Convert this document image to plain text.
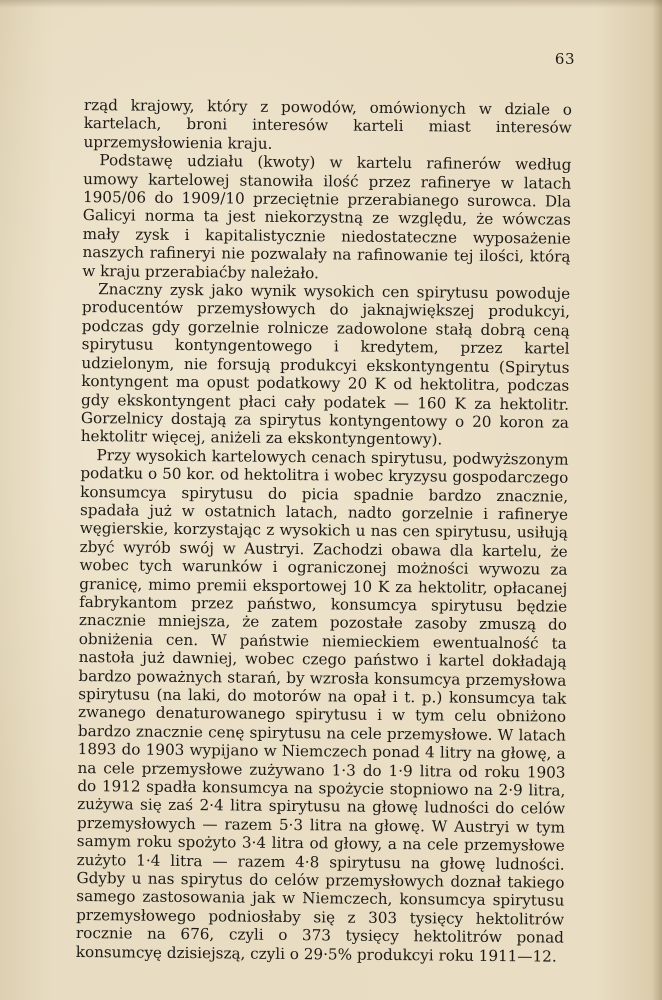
63

rząd krajowy, który z powodów, omówionych w dziale o kartelach, broni interesów karteli miast interesów uprzemysłowienia kraju.

Podstawę udziału (kwoty) w kartelu rafinerów według umowy kartelowej stanowiła ilość przez rafinerye w latach 1905/06 do 1909/10 przeciętnie przerabianego surowca. Dla Galicyi norma ta jest niekorzystną ze względu, że wówczas mały zysk i kapitalistycznie niedostateczne wyposażenie naszych rafineryi nie pozwalały na rafinowanie tej ilości, którą w kraju przerabiaćby należało.

Znaczny zysk jako wynik wysokich cen spirytusu powoduje producentów przemysłowych do jaknajwiększej produkcyi, podczas gdy gorzelnie rolnicze zadowolone stałą dobrą ceną spirytusu kontyngentowego i kredytem, przez kartel udzielonym, nie forsują produkcyi ekskontyngentu (Spirytus kontyngent ma opust podatkowy 20 K od hektolitra, podczas gdy ekskontyngent płaci cały podatek — 160 K za hektolitr. Gorzelnicy dostają za spirytus kontyngentowy o 20 koron za hektolitr więcej, aniżeli za ekskontyngentowy).

Przy wysokich kartelowych cenach spirytusu, podwyższonym podatku o 50 kor. od hektolitra i wobec kryzysu gospodarczego konsumcya spirytusu do picia spadnie bardzo znacznie, spadała już w ostatnich latach, nadto gorzelnie i rafinerye węgierskie, korzystając z wysokich u nas cen spirytusu, usiłują zbyć wyrób swój w Austryi. Zachodzi obawa dla kartelu, że wobec tych warunków i ograniczonej możności wywozu za granicę, mimo premii eksportowej 10 K za hektolitr, opłacanej fabrykantom przez państwo, konsumcya spirytusu będzie znacznie mniejsza, że zatem pozostałe zasoby zmuszą do obniżenia cen. W państwie niemieckiem ewentualność ta nastoła już dawniej, wobec czego państwo i kartel dokładają bardzo poważnych starań, by wzrosła konsumcya przemysłowa spirytusu (na laki, do motorów na opał i t. p.) konsumcya tak zwanego denaturowanego spirytusu i w tym celu obniżono bardzo znacznie cenę spirytusu na cele przemysłowe. W latach 1893 do 1903 wypijano w Niemczech ponad 4 litry na głowę, a na cele przemysłowe zużywano 1·3 do 1·9 litra od roku 1903 do 1912 spadła konsumcya na spożycie stopniowo na 2·9 litra, zużywa się zaś 2·4 litra spirytusu na głowę ludności do celów przemysłowych — razem 5·3 litra na głowę. W Austryi w tym samym roku spożyto 3·4 litra od głowy, a na cele przemysłowe zużyto 1·4 litra — razem 4·8 spirytusu na głowę ludności. Gdyby u nas spirytus do celów przemysłowych doznał takiego samego zastosowania jak w Niemczech, konsumcya spirytusu przemysłowego podniosłaby się z 303 tysięcy hektolitrów rocznie na 676, czyli o 373 tysięcy hektolitrów ponad konsumcyę dzisiejszą, czyli o 29·5% produkcyi roku 1911—12.
